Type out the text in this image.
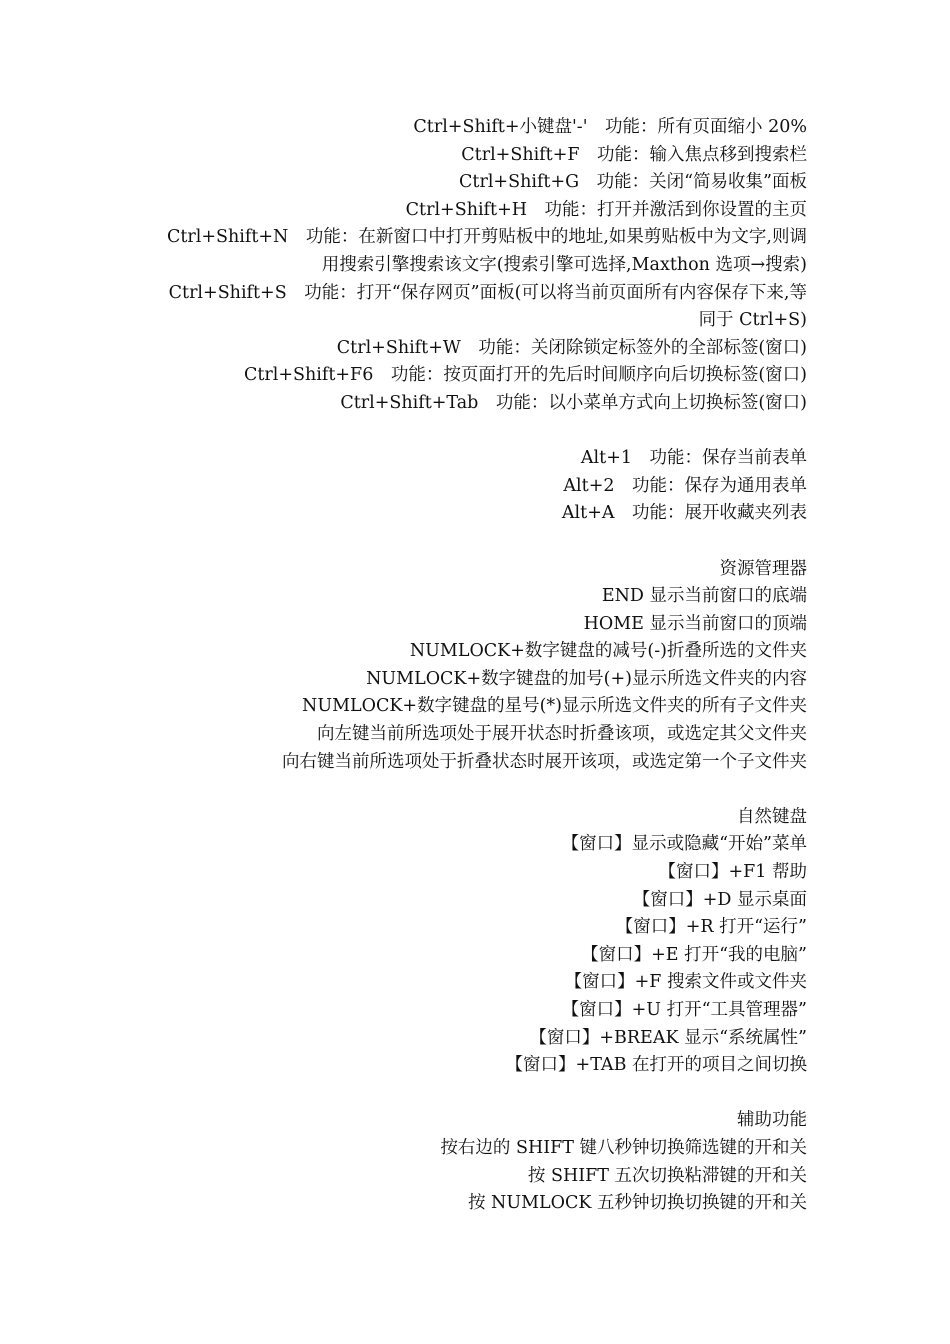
Ctrl+Shift+小键盘'-'　功能：所有页面缩小 20%
Ctrl+Shift+F　功能：输入焦点移到搜索栏
Ctrl+Shift+G　功能：关闭“简易收集”面板
Ctrl+Shift+H　功能：打开并激活到你设置的主页
Ctrl+Shift+N　功能：在新窗口中打开剪贴板中的地址,如果剪贴板中为文字,则调
用搜索引擎搜索该文字(搜索引擎可选择,Maxthon 选项→搜索)
Ctrl+Shift+S　功能：打开“保存网页”面板(可以将当前页面所有内容保存下来,等
同于 Ctrl+S)
Ctrl+Shift+W　功能：关闭除锁定标签外的全部标签(窗口)
Ctrl+Shift+F6　功能：按页面打开的先后时间顺序向后切换标签(窗口)
Ctrl+Shift+Tab　功能：以小菜单方式向上切换标签(窗口)
Alt+1　功能：保存当前表单
Alt+2　功能：保存为通用表单
Alt+A　功能：展开收藏夹列表
资源管理器
END 显示当前窗口的底端
HOME 显示当前窗口的顶端
NUMLOCK+数字键盘的减号(-)折叠所选的文件夹
NUMLOCK+数字键盘的加号(+)显示所选文件夹的内容
NUMLOCK+数字键盘的星号(*)显示所选文件夹的所有子文件夹
向左键当前所选项处于展开状态时折叠该项，或选定其父文件夹
向右键当前所选项处于折叠状态时展开该项，或选定第一个子文件夹
自然键盘
【窗口】显示或隐藏“开始”菜单
【窗口】+F1 帮助
【窗口】+D 显示桌面
【窗口】+R 打开“运行”
【窗口】+E 打开“我的电脑”
【窗口】+F 搜索文件或文件夹
【窗口】+U 打开“工具管理器”
【窗口】+BREAK 显示“系统属性”
【窗口】+TAB 在打开的项目之间切换
辅助功能
按右边的 SHIFT 键八秒钟切换筛选键的开和关
按 SHIFT 五次切换粘滞键的开和关
按 NUMLOCK 五秒钟切换切换键的开和关
